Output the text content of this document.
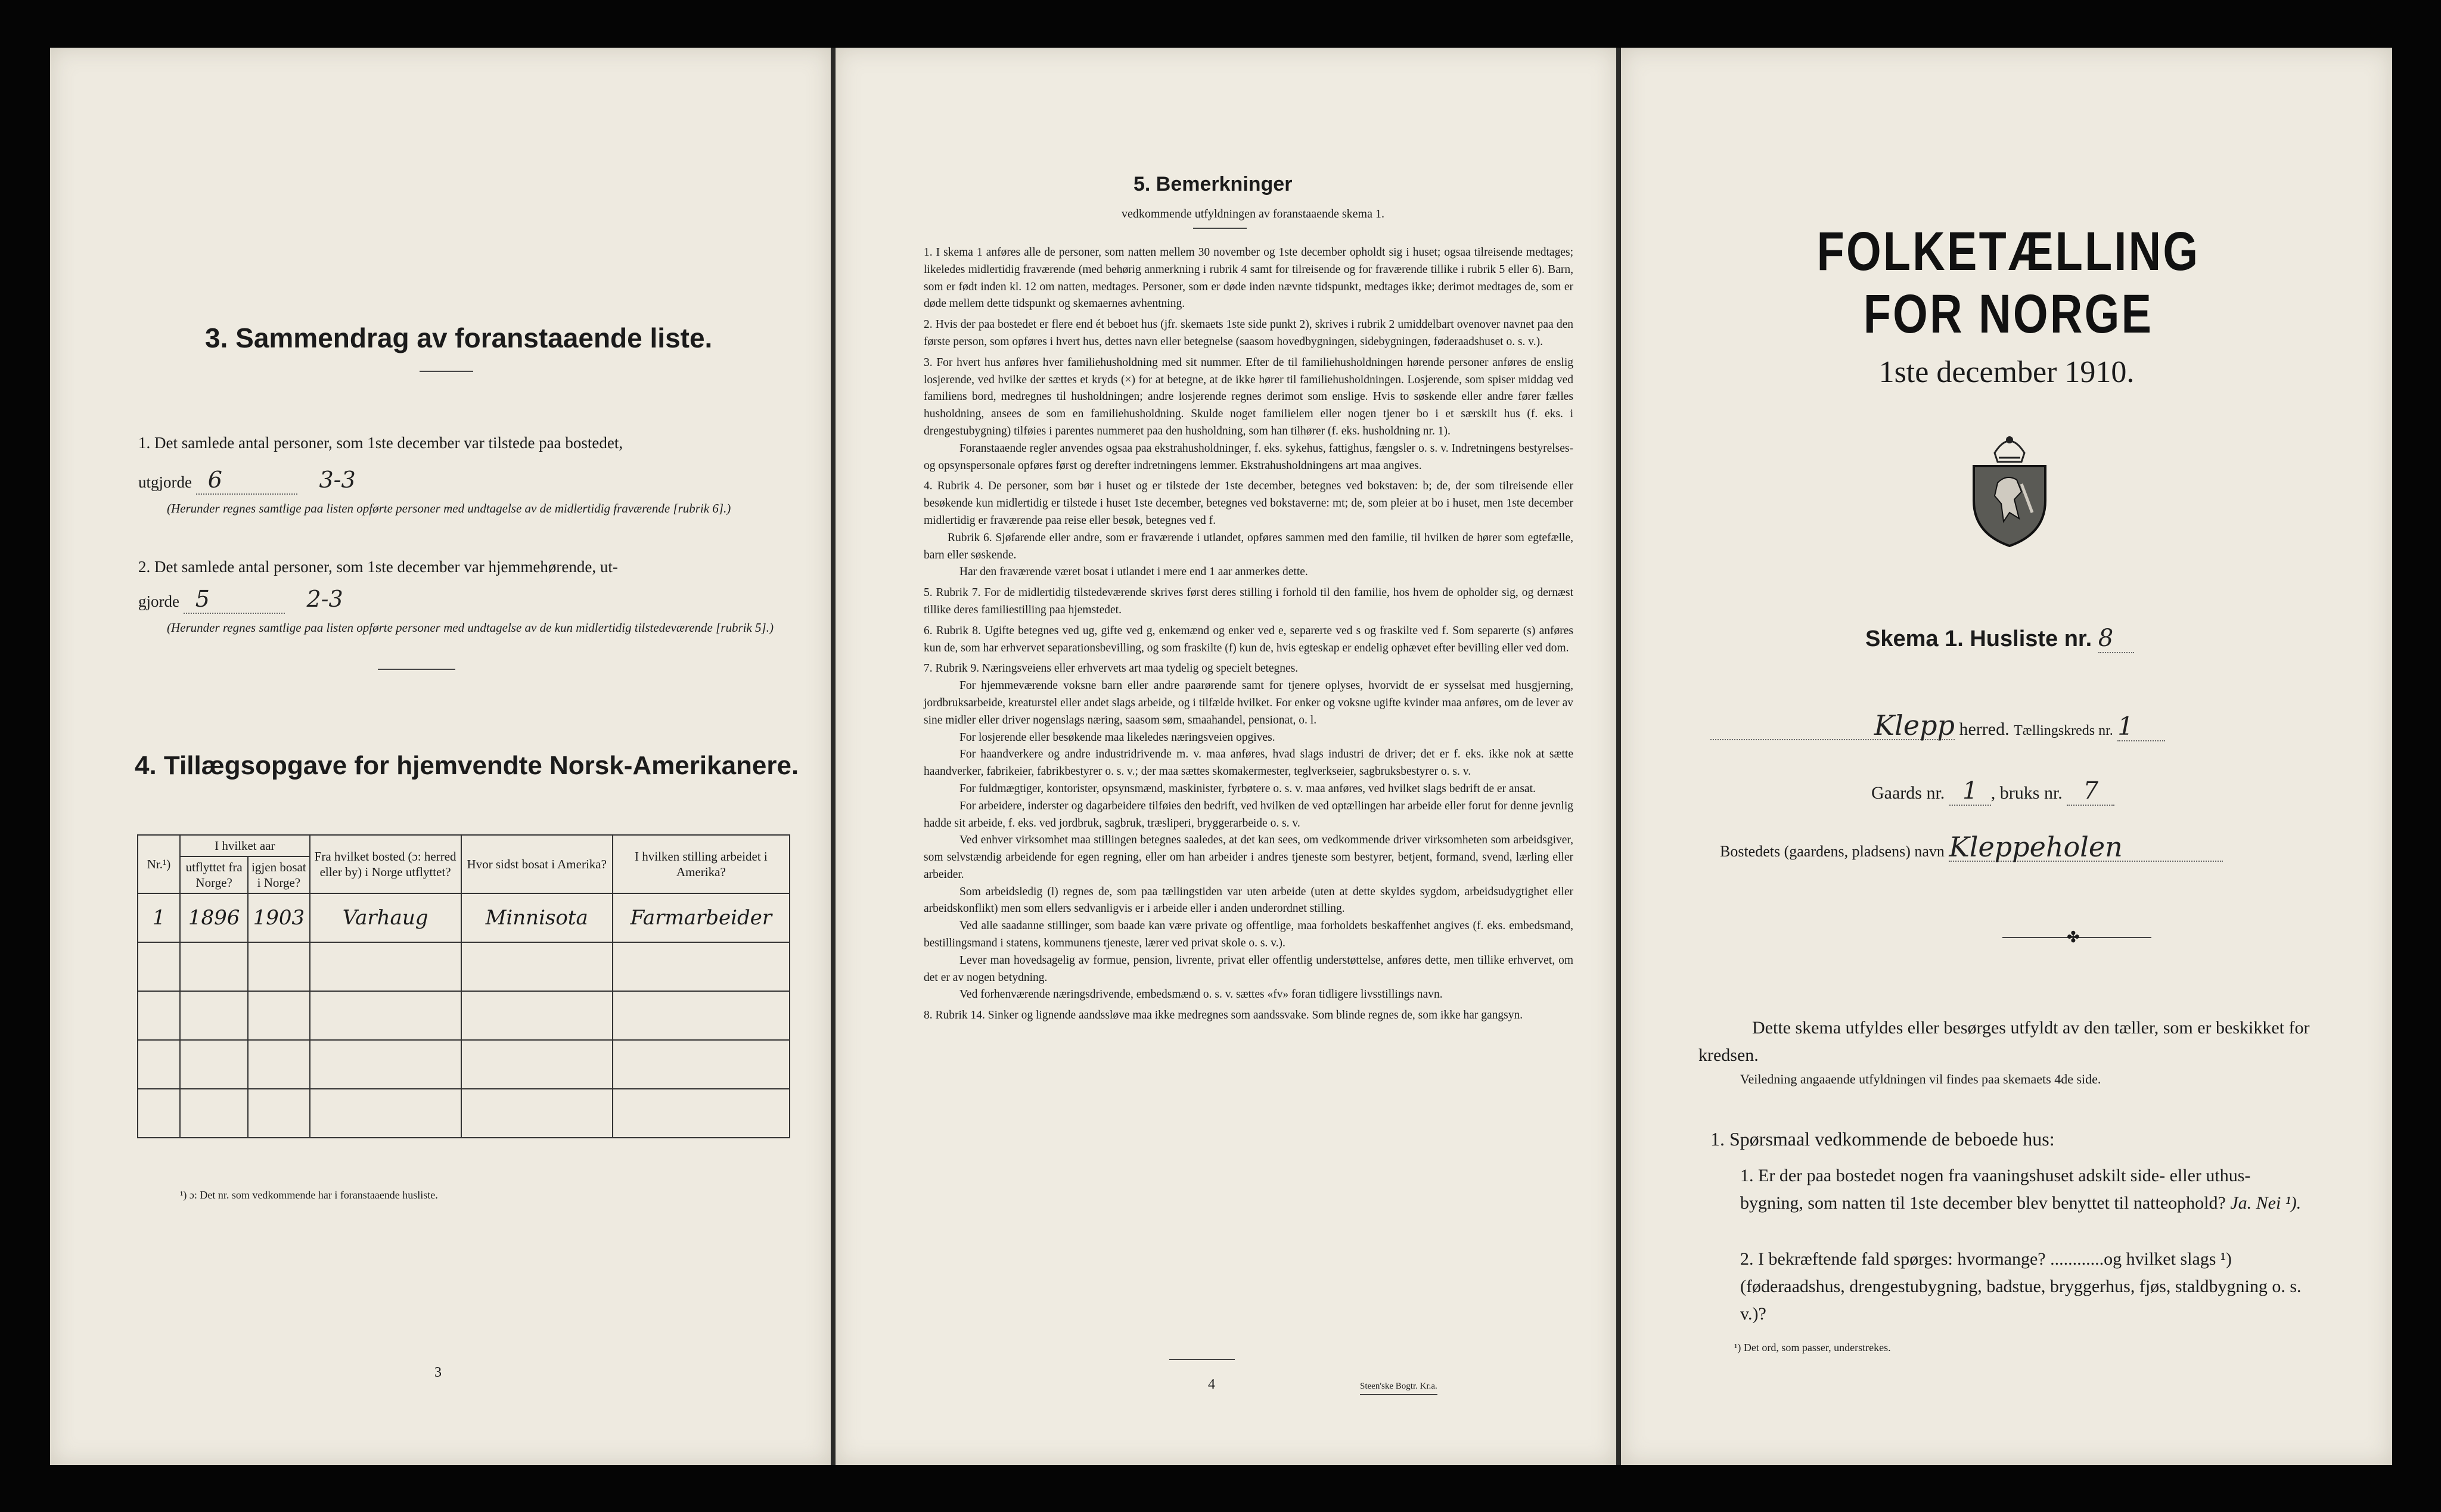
3. Sammendrag av foranstaaende liste.
1. Det samlede antal personer, som 1ste december var tilstede paa bostedet,
utgjorde 6	3-3
(Herunder regnes samtlige paa listen opførte personer med undtagelse av de midlertidig fraværende [rubrik 6].)
2. Det samlede antal personer, som 1ste december var hjemmehørende, ut-
gjorde 5	2-3
(Herunder regnes samtlige paa listen opførte personer med undtagelse av de kun midlertidig tilstedeværende [rubrik 5].)
4. Tillægsopgave for hjemvendte Norsk-Amerikanere.
Nr.¹)	I hvilket aar		Fra hvilket bosted (ɔ: herred eller by) i Norge utflyttet?	Hvor sidst bosat i Amerika?	I hvilken stilling arbeidet i Amerika?
	utflyttet fra Norge?	igjen bosat i Norge?			
1	1896	1903	Varhaug	Minnisota	Farmarbeider

¹) ɔ: Det nr. som vedkommende har i foranstaaende husliste.
3
5. Bemerkninger
vedkommende utfyldningen av foranstaaende skema 1.

1. I skema 1 anføres alle de personer, som natten mellem 30 november og 1ste december opholdt sig i huset; ogsaa tilreisende medtages; likeledes midlertidig fraværende (med behørig anmerkning i rubrik 4 samt for tilreisende og for fraværende tillike i rubrik 5 eller 6). Barn, som er født inden kl. 12 om natten, medtages. Personer, som er døde inden nævnte tidspunkt, medtages ikke; derimot medtages de, som er døde mellem dette tidspunkt og skemaernes avhentning.

2. Hvis der paa bostedet er flere end ét beboet hus (jfr. skemaets 1ste side punkt 2), skrives i rubrik 2 umiddelbart ovenover navnet paa den første person, som opføres i hvert hus, dettes navn eller betegnelse (saasom hovedbygningen, sidebygningen, føderaadshuset o. s. v.).

3. For hvert hus anføres hver familiehusholdning med sit nummer. Efter de til familiehusholdningen hørende personer anføres de enslig losjerende, ved hvilke der sættes et kryds (×) for at betegne, at de ikke hører til familiehusholdningen. Losjerende, som spiser middag ved familiens bord, medregnes til husholdningen; andre losjerende regnes derimot som enslige. Hvis to søskende eller andre fører fælles husholdning, ansees de som en familiehusholdning. Skulde noget familielem eller nogen tjener bo i et særskilt hus (f. eks. i drengestubygning) tilføies i parentes nummeret paa den husholdning, som han tilhører (f. eks. husholdning nr. 1).

Foranstaaende regler anvendes ogsaa paa ekstrahusholdninger, f. eks. sykehus, fattighus, fængsler o. s. v. Indretningens bestyrelses- og opsynspersonale opføres først og derefter indretningens lemmer. Ekstrahusholdningens art maa angives.

4. Rubrik 4. De personer, som bør i huset og er tilstede der 1ste december, betegnes ved bokstaven: b; de, der som tilreisende eller besøkende kun midlertidig er tilstede i huset 1ste december, betegnes ved bokstaverne: mt; de, som pleier at bo i huset, men 1ste december midlertidig er fraværende paa reise eller besøk, betegnes ved f.

Rubrik 6. Sjøfarende eller andre, som er fraværende i utlandet, opføres sammen med den familie, til hvilken de hører som egtefælle, barn eller søskende.

Har den fraværende været bosat i utlandet i mere end 1 aar anmerkes dette.

5. Rubrik 7. For de midlertidig tilstedeværende skrives først deres stilling i forhold til den familie, hos hvem de opholder sig, og dernæst tillike deres familiestilling paa hjemstedet.

6. Rubrik 8. Ugifte betegnes ved ug, gifte ved g, enkemænd og enker ved e, separerte ved s og fraskilte ved f. Som separerte (s) anføres kun de, som har erhvervet separationsbevilling, og som fraskilte (f) kun de, hvis egteskap er endelig ophævet efter bevilling eller ved dom.

7. Rubrik 9. Næringsveiens eller erhvervets art maa tydelig og specielt betegnes.

For hjemmeværende voksne barn eller andre paarørende samt for tjenere oplyses, hvorvidt de er sysselsat med husgjerning, jordbruksarbeide, kreaturstel eller andet slags arbeide, og i tilfælde hvilket. For enker og voksne ugifte kvinder maa anføres, om de lever av sine midler eller driver nogenslags næring, saasom søm, smaahandel, pensionat, o. l.

For losjerende eller besøkende maa likeledes næringsveien opgives.

For haandverkere og andre industridrivende m. v. maa anføres, hvad slags industri de driver; det er f. eks. ikke nok at sætte haandverker, fabrikeier, fabrikbestyrer o. s. v.; der maa sættes skomakermester, teglverkseier, sagbruksbestyrer o. s. v.

For fuldmægtiger, kontorister, opsynsmænd, maskinister, fyrbøtere o. s. v. maa anføres, ved hvilket slags bedrift de er ansat.

For arbeidere, inderster og dagarbeidere tilføies den bedrift, ved hvilken de ved optællingen har arbeide eller forut for denne jevnlig hadde sit arbeide, f. eks. ved jordbruk, sagbruk, træsliperi, bryggerarbeide o. s. v.

Ved enhver virksomhet maa stillingen betegnes saaledes, at det kan sees, om vedkommende driver virksomheten som arbeidsgiver, som selvstændig arbeidende for egen regning, eller om han arbeider i andres tjeneste som bestyrer, betjent, formand, svend, lærling eller arbeider.

Som arbeidsledig (l) regnes de, som paa tællingstiden var uten arbeide (uten at dette skyldes sygdom, arbeidsudygtighet eller arbeidskonflikt) men som ellers sedvanligvis er i arbeide eller i anden underordnet stilling.

Ved alle saadanne stillinger, som baade kan være private og offentlige, maa forholdets beskaffenhet angives (f. eks. embedsmand, bestillingsmand i statens, kommunens tjeneste, lærer ved privat skole o. s. v.).

Lever man hovedsagelig av formue, pension, livrente, privat eller offentlig understøttelse, anføres dette, men tillike erhvervet, om det er av nogen betydning.

Ved forhenværende næringsdrivende, embedsmænd o. s. v. sættes «fv» foran tidligere livsstillings navn.

8. Rubrik 14. Sinker og lignende aandssløve maa ikke medregnes som aandssvake. Som blinde regnes de, som ikke har gangsyn.

4	Steen'ske Bogtr. Kr.a.
FOLKETÆLLING FOR NORGE
1ste december 1910.
Skema 1. Husliste nr. 8
Klepp herred. Tællingskreds nr. 1
Gaards nr. 1 , bruks nr. 7
Bostedets (gaardens, pladsens) navn Kleppeholen
✤
Dette skema utfyldes eller besørges utfyldt av den tæller, som er beskikket for kredsen.
Veiledning angaaende utfyldningen vil findes paa skemaets 4de side.
1. Spørsmaal vedkommende de beboede hus:
1. Er der paa bostedet nogen fra vaaningshuset adskilt side- eller uthus-bygning, som natten til 1ste december blev benyttet til natteophold? Ja. Nei ¹).
2. I bekræftende fald spørges: hvormange? ............og hvilket slags ¹) (føderaadshus, drengestubygning, badstue, bryggerhus, fjøs, staldbygning o. s. v.)?
¹) Det ord, som passer, understrekes.
